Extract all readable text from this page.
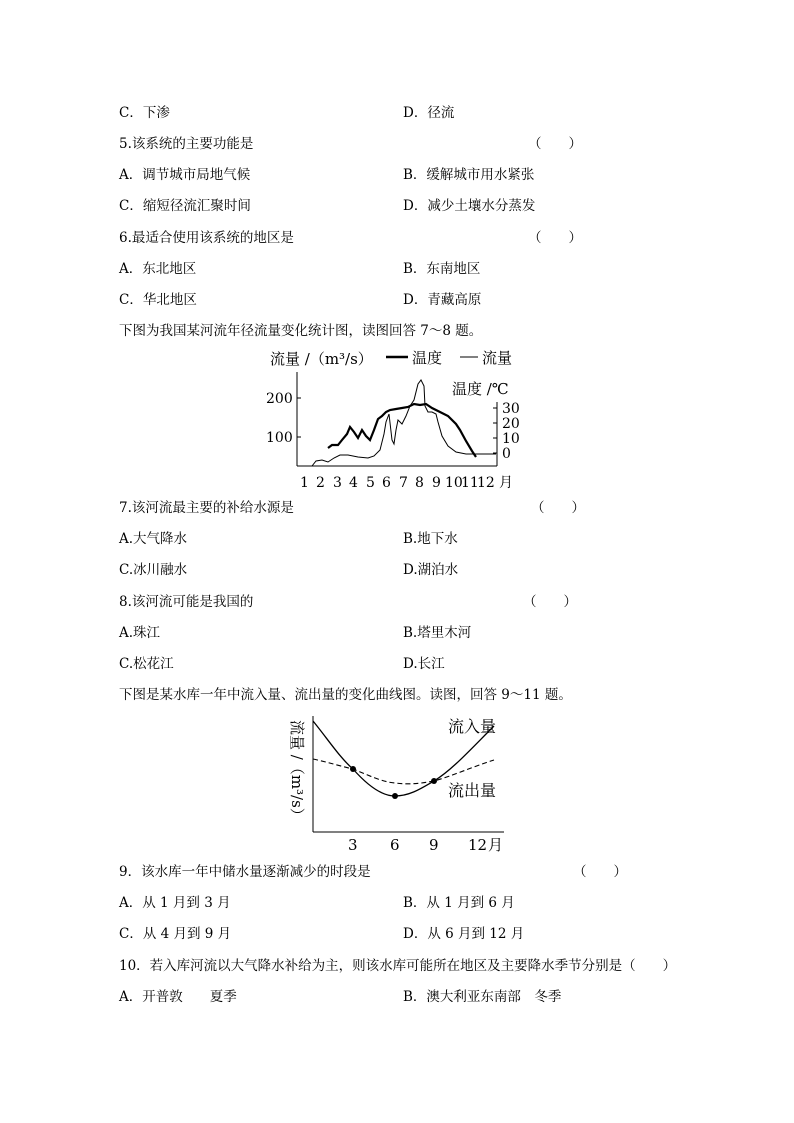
C．下渗	D．径流
5.该系统的主要功能是	（　　）
A．调节城市局地气候	B．缓解城市用水紧张
C．缩短径流汇聚时间	D．减少土壤水分蒸发
6.最适合使用该系统的地区是	（　　）
A．东北地区	B．东南地区
C．华北地区	D．青藏高原
下图为我国某河流年径流量变化统计图，读图回答 7～8 题。
流量 /（m³/s）	温度	流量
温度 /℃
200
100
30
20
10
0
1 2 3 4 5 6 7 8 9 10
11
12 月
7.该河流最主要的补给水源是	（　　）
A.大气降水	B.地下水
C.冰川融水	D.湖泊水
8.该河流可能是我国的	（　　）
A.珠江	B.塔里木河
C.松花江	D.长江
下图是某水库一年中流入量、流出量的变化曲线图。读图，回答 9～11 题。
流量 /（m³/s）	流入量
流出量
3 6 9 12 月
9．该水库一年中储水量逐渐减少的时段是	（　　）
A．从 1 月到 3 月	B．从 1 月到 6 月
C．从 4 月到 9 月	D．从 6 月到 12 月
10．若入库河流以大气降水补给为主，则该水库可能所在地区及主要降水季节分别是（　　）
A．开普敦　　夏季	B．澳大利亚东南部　冬季
